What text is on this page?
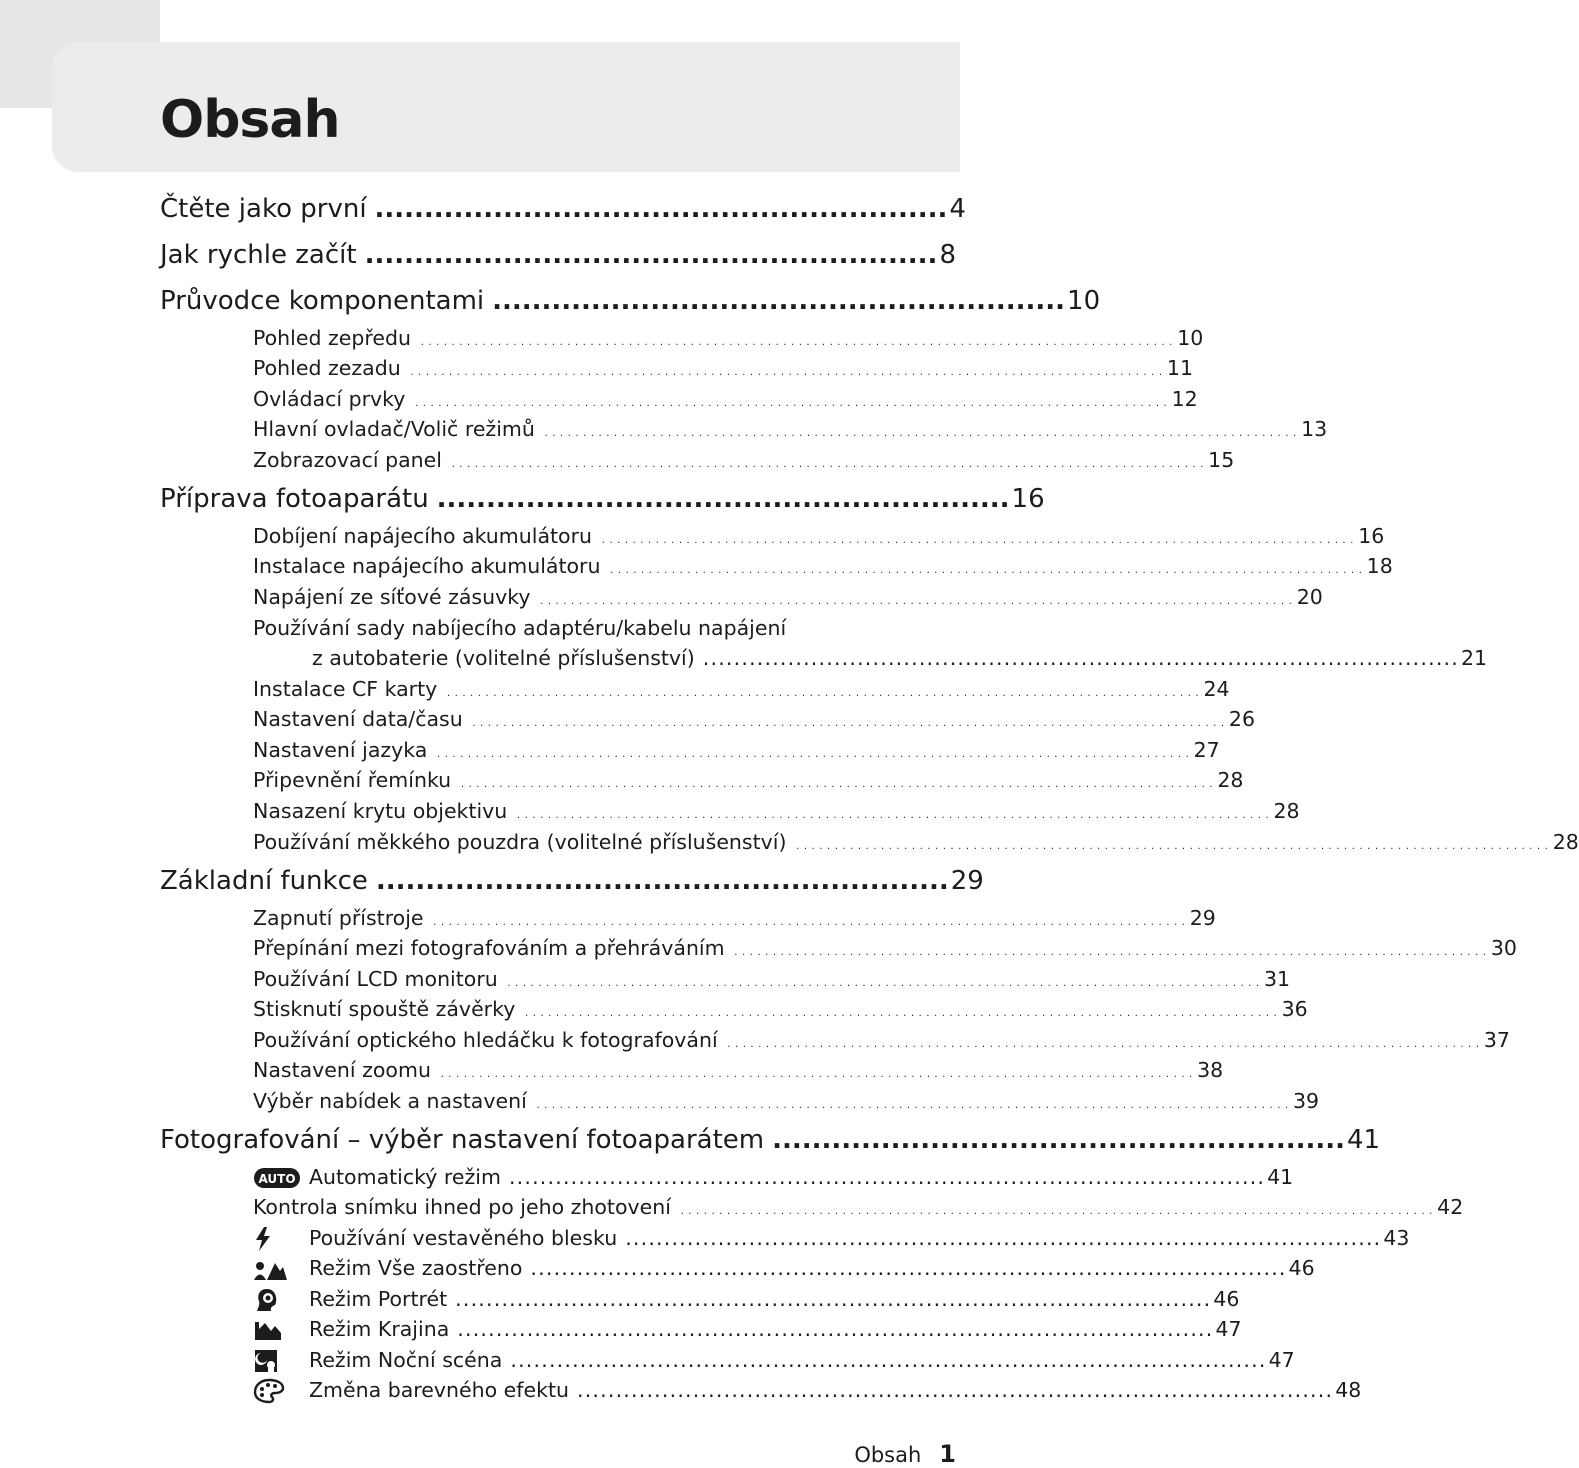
Obsah
Čtěte jako první .......................................................... 4
Jak rychle začít .......................................................... 8
Průvodce komponentami .......................................................... 10
Pohled zepředu .................................................................................................. 10
Pohled zezadu .................................................................................................. 11
Ovládací prvky .................................................................................................. 12
Hlavní ovladač/Volič režimů .................................................................................................. 13
Zobrazovací panel .................................................................................................. 15
Příprava fotoaparátu .......................................................... 16
Dobíjení napájecího akumulátoru .................................................................................................. 16
Instalace napájecího akumulátoru .................................................................................................. 18
Napájení ze síťové zásuvky .................................................................................................. 20
Používání sady nabíjecího adaptéru/kabelu napájení
z autobaterie (volitelné příslušenství) .................................................................................................. 21
Instalace CF karty .................................................................................................. 24
Nastavení data/času .................................................................................................. 26
Nastavení jazyka .................................................................................................. 27
Připevnění řemínku .................................................................................................. 28
Nasazení krytu objektivu .................................................................................................. 28
Používání měkkého pouzdra (volitelné příslušenství) .................................................................................................. 28
Základní funkce .......................................................... 29
Zapnutí přístroje .................................................................................................. 29
Přepínání mezi fotografováním a přehráváním .................................................................................................. 30
Používání LCD monitoru .................................................................................................. 31
Stisknutí spouště závěrky .................................................................................................. 36
Používání optického hledáčku k fotografování .................................................................................................. 37
Nastavení zoomu .................................................................................................. 38
Výběr nabídek a nastavení .................................................................................................. 39
Fotografování – výběr nastavení fotoaparátem .......................................................... 41
AUTO Automatický režim .................................................................................................. 41
Kontrola snímku ihned po jeho zhotovení .................................................................................................. 42
Používání vestavěného blesku .................................................................................................. 43
Režim Vše zaostřeno .................................................................................................. 46
Režim Portrét .................................................................................................. 46
Režim Krajina .................................................................................................. 47
Režim Noční scéna .................................................................................................. 47
Změna barevného efektu .................................................................................................. 48
Obsah 1
